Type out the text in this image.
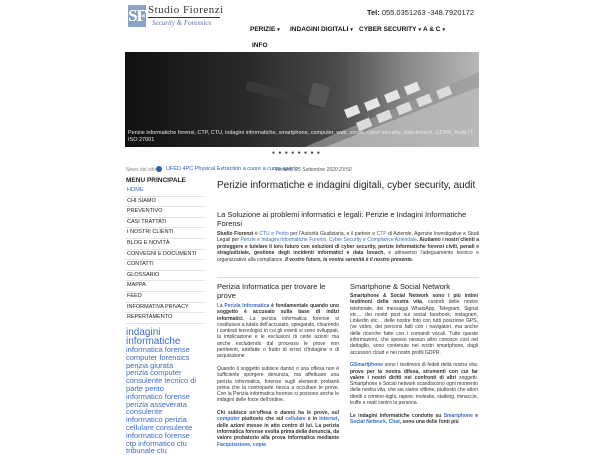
SF Studio Fiorenzi
Security & Forensics
Tel: 055.0351263 -348.7920172
PERIZIE ▾ INDAGINI DIGITALI ▾ CYBER SECURITY ▾ A & C ▾
INFO
Perizie informatiche forensi, CTP, CTU, indagini informatiche, smartphone, computer, web, social, cyber security, data breach, GDPR, Audit IT, ISO 27001
● ● ● ● ● ● ● ●
News dal sito UFED 4PC Physical Extraction a cuore a cuore aperto
- Venerdì, 25 Settembre 2020 23:50
MENU PRINCIPALE
HOME
CHI SIAMO
PREVENTIVO
CASI TRATTATI
I NOSTRI CLIENTI
BLOG E NOVITÀ
CONVEGNI E DOCUMENTI
CONTATTI
GLOSSARIO
MAPPA
FEED
INFORMATIVA PRIVACY
REPERTAMENTO
indagini
informatiche
informatica forense
computer forensics
perizia giurata
perizia computer
consulente tecnico di
parte perito
informatico forense
perizia asseverata
consulente
informatico perizia
cellulare consulente
informatico forense
ctp informatico ctu
tribunale ctu
Perizie informatiche e indagini digitali, cyber security, audit
La Soluzione ai problemi informatici e legali: Perizie e Indagini Informatiche Forensi
Studio Fiorenzi è CTU e Perito per l'Autorità Giudiziaria, e il partner e CTP di Aziende, Agenzie Investigative e Studi Legali per Perizie e Indagini Informatiche Forensi, Cyber Security e Compliance Aziendale. Aiutiamo i nostri clienti a proteggere e tutelare il loro futuro con soluzioni di cyber security, perizie informatiche forensi civili, penali e stragiudiziale, gestione degli incidenti informatici e data breach, e attraverso l'adeguamento tecnico e organizzativo alla compliance. Il vostro futuro, la vostra serenità è il nostro presente.
Perizia Informatica per trovare le prove
La Perizia Informatica è fondamentale quando uno soggetto è accusato sulla base di indizi informatici. La perizia informatica forense si costituisce a tutela dell'accusato, spiegando, chiarendo i contesti tecnologici in cui gli eventi si sono sviluppati, la implicazione e le esclusioni di certe azioni: ma anche escludendo dal processo le prove non pertinenti, artefatte o frutto di errori d'indagine o di acquisizione.

Quando il soggetto subisce danno o una offesa non è sufficiente sporgere denuncia, ma affettuare una perizia informatica, forense sugli elementi probanti prima che la controparte riesca a occultare le prove. Con la Perizia informatica forense si possono anche le indagini delle forze dell'ordine.

Chi subisce un'offesa o danno ha le prove, sul computer piuttosto che sul cellulare e in Internet, delle azioni messe in atto contro di lui. La perizia informatica forense svolta prima della denuncia, da valore probatorio alla prova informatica mediante Facquisizione, copia
Smartphone & Social Network
Smartphone & Social Network sono i più intimi testimoni della nostra vita, custodi delle nostre telefonate, dei messaggi WhatsApp, Telegram, Signal etc… dei nostri post sui social facebook, instagram, Linkedin etc… delle nostre foto con tutti posizione GPS, (ve video, dei percorsi fatti con i navigatori, ma anche delle ricerche fatte con i comandi vocali. Tutte queste informazioni, che spesso nessun altro conosce così nel dettaglio, sono contenute nei nostri smartphone, dagli accessori cloud e nei nostri profili GDPR.

GSmartphone sono i testimoni di fedeli della nostra vita: prove per la nostra difesa, strumenti con cui far valere i nostri diritti nei confronti di altri soggetti. Smartphone e Social network scandiscono ogni momento della nostra vita, che sia siamo vittime, piuttosto che attori diretti o crimino-loghi, rapine, molestie, stalking, minaccie, truffe e reati contro la persona.

Le indagini informatiche condotte su Smartphone e Social Network, Chat, sono una delle fonti più
